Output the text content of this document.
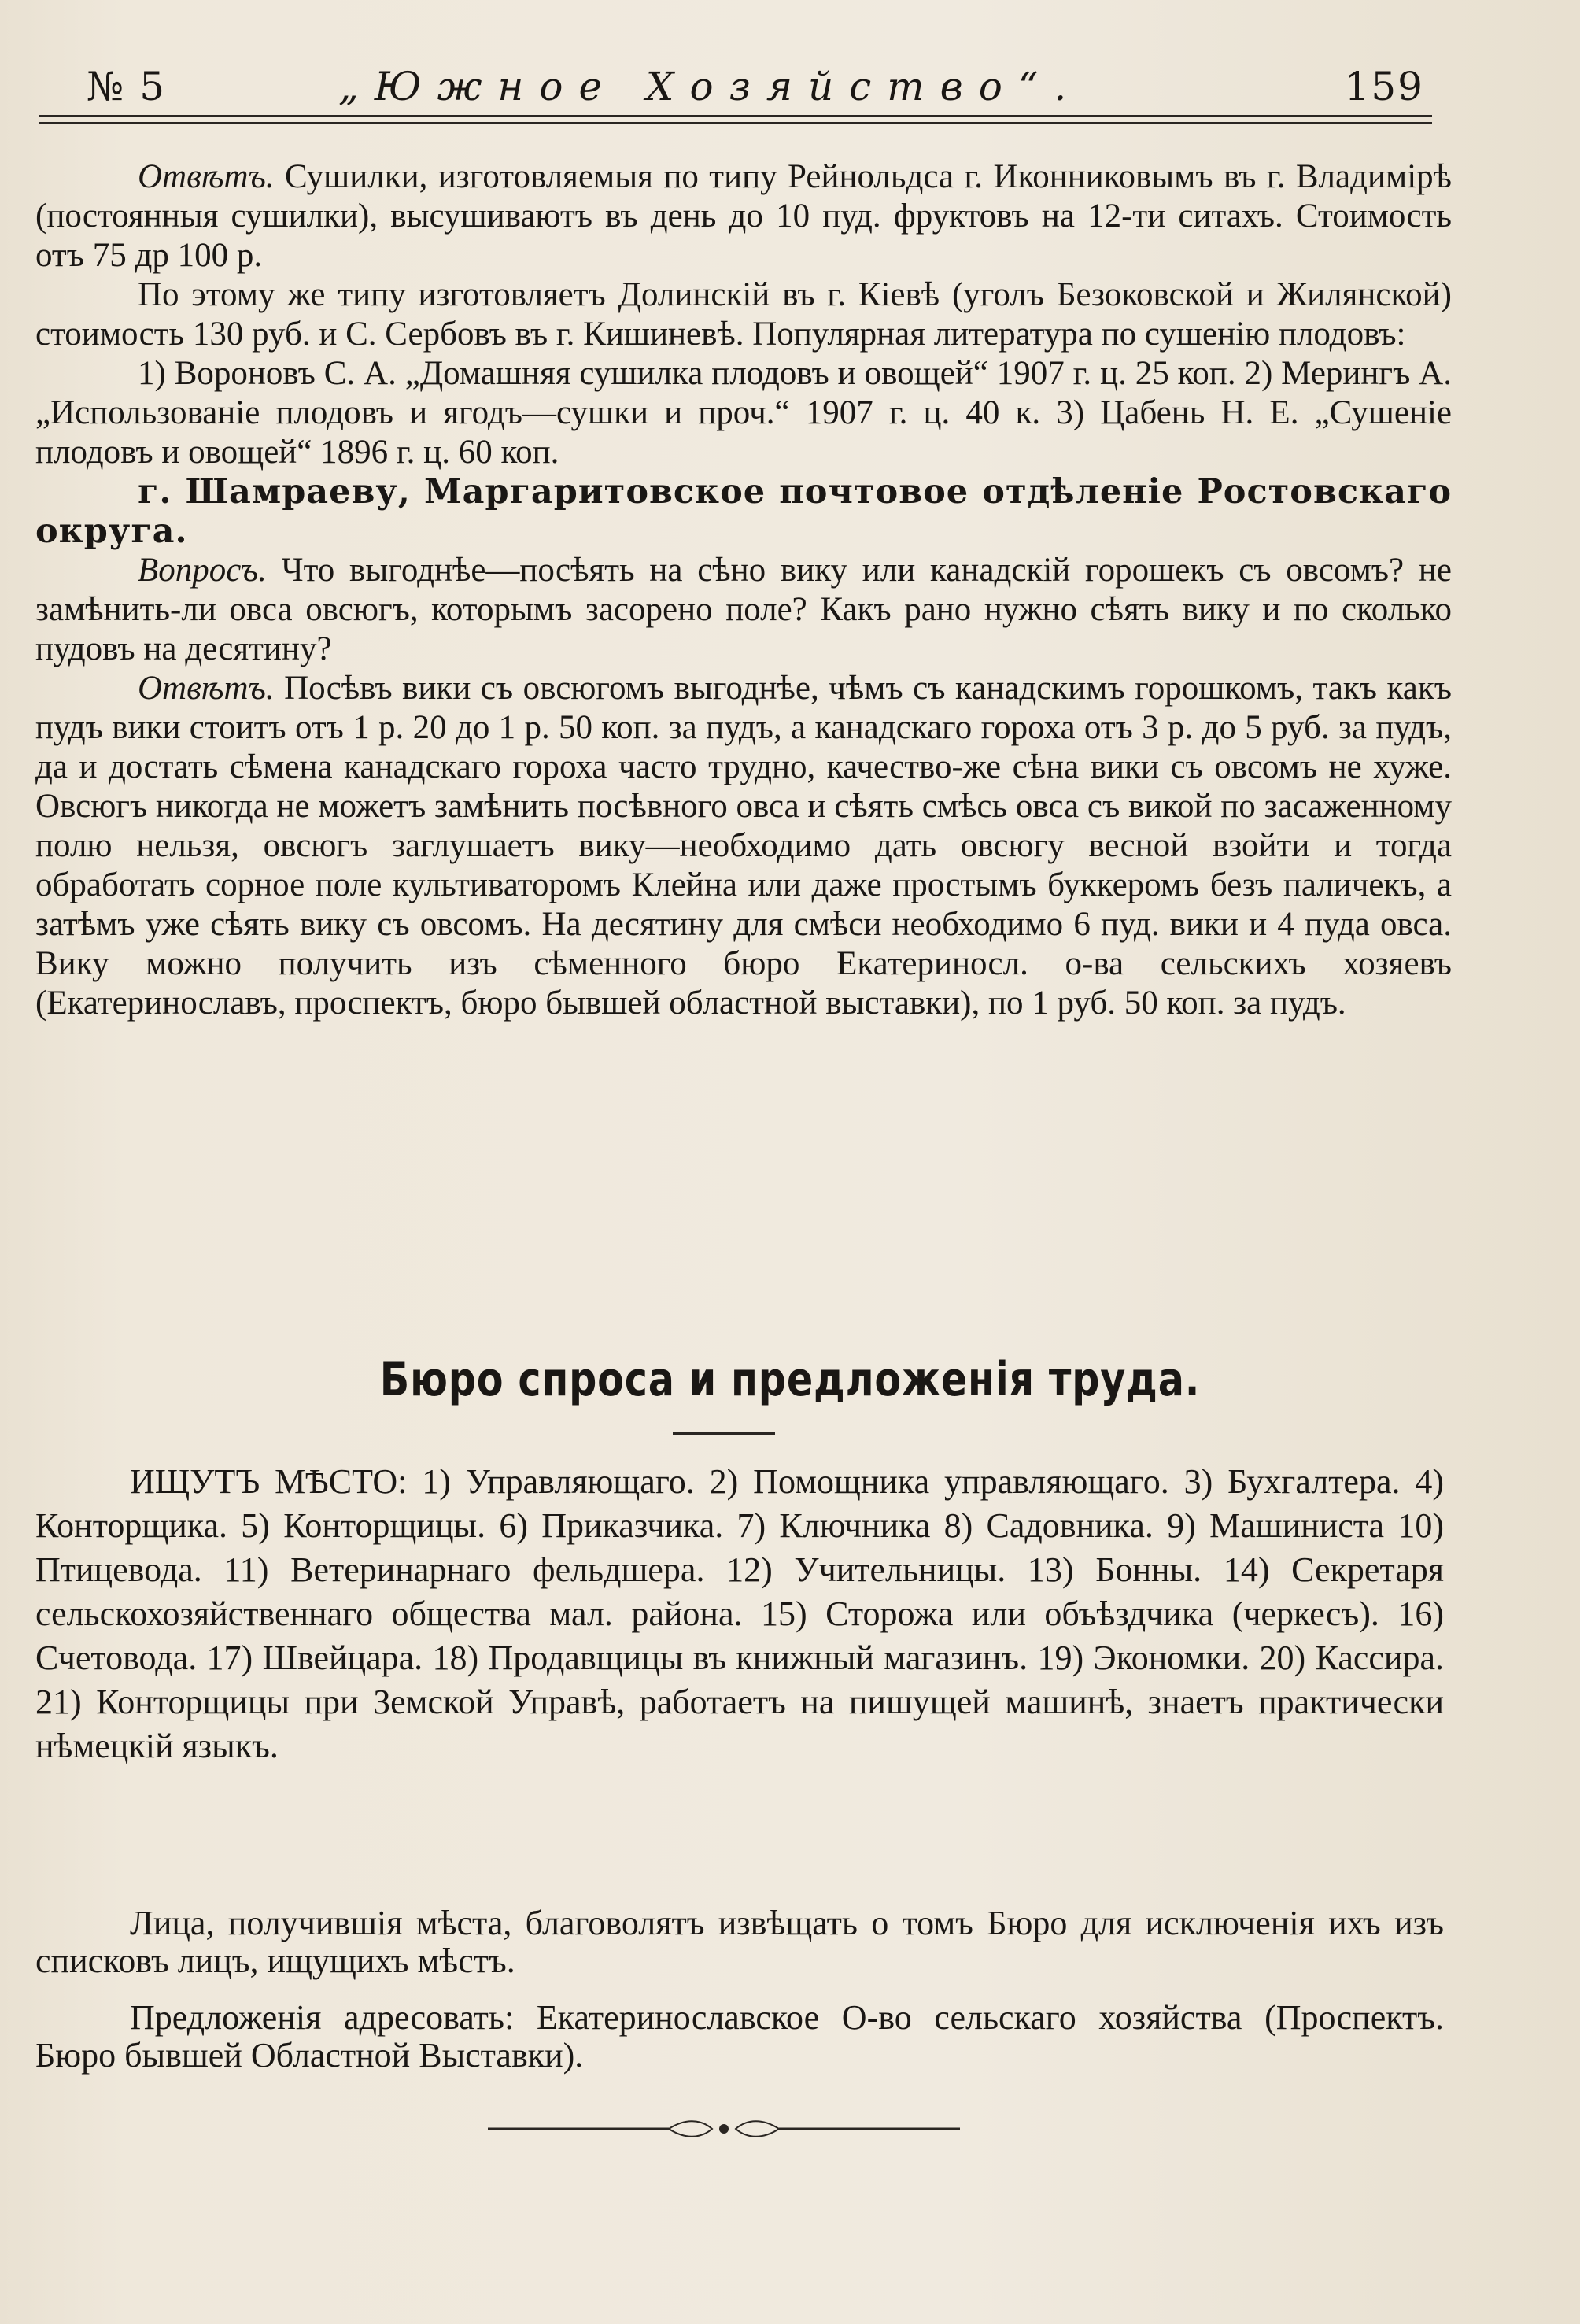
№ 5	„Южное Хозяйство“.	159

Отвѣтъ. Сушилки, изготовляемыя по типу Рейнольдса г. Иконниковымъ въ г. Владимірѣ (постоянныя сушилки), высушиваютъ въ день до 10 пуд. фруктовъ на 12-ти ситахъ. Стоимость отъ 75 др 100 р.

По этому же типу изготовляетъ Долинскій въ г. Кіевѣ (уголъ Безоковской и Жилянской) стоимость 130 руб. и С. Сербовъ въ г. Кишиневѣ. Популярная литература по сушенію плодовъ:

1) Вороновъ С. А. „Домашняя сушилка плодовъ и овощей“ 1907 г. ц. 25 коп. 2) Мерингъ А. „Использованіе плодовъ и ягодъ—сушки и проч.“ 1907 г. ц. 40 к. 3) Цабень Н. Е. „Сушеніе плодовъ и овощей“ 1896 г. ц. 60 коп.

г. Шамраеву, Маргаритовское почтовое отдѣленіе Ростовскаго округа.

Вопросъ. Что выгоднѣе—посѣять на сѣно вику или канадскій горошекъ съ овсомъ? не замѣнить-ли овса овсюгъ, которымъ засорено поле? Какъ рано нужно сѣять вику и по сколько пудовъ на десятину?

Отвѣтъ. Посѣвъ вики съ овсюгомъ выгоднѣе, чѣмъ съ канадскимъ горошкомъ, такъ какъ пудъ вики стоитъ отъ 1 р. 20 до 1 р. 50 коп. за пудъ, а канадскаго гороха отъ 3 р. до 5 руб. за пудъ, да и достать сѣмена канадскаго гороха часто трудно, качество-же сѣна вики съ овсомъ не хуже. Овсюгъ никогда не можетъ замѣнить посѣвного овса и сѣять смѣсь овса съ викой по засаженному полю нельзя, овсюгъ заглушаетъ вику—необходимо дать овсюгу весной взойти и тогда обработать сорное поле культиваторомъ Клейна или даже простымъ буккеромъ безъ паличекъ, а затѣмъ уже сѣять вику съ овсомъ. На десятину для смѣси необходимо 6 пуд. вики и 4 пуда овса. Вику можно получить изъ сѣменного бюро Екатериносл. о-ва сельскихъ хозяевъ (Екатеринославъ, проспектъ, бюро бывшей областной выставки), по 1 руб. 50 коп. за пудъ.

Бюро спроса и предложенія труда.

ИЩУТЪ МѢСТО: 1) Управляющаго. 2) Помощника управляющаго. 3) Бухгалтера. 4) Конторщика. 5) Конторщицы. 6) Приказчика. 7) Ключника 8) Садовника. 9) Машиниста 10) Птицевода. 11) Ветеринарнаго фельдшера. 12) Учительницы. 13) Бонны. 14) Секретаря сельскохозяйственнаго общества мал. района. 15) Сторожа или объѣздчика (черкесъ). 16) Счетовода. 17) Швейцара. 18) Продавщицы въ книжный магазинъ. 19) Экономки. 20) Кассира. 21) Конторщицы при Земской Управѣ, работаетъ на пишущей машинѣ, знаетъ практически нѣмецкій языкъ.

Лица, получившія мѣста, благоволятъ извѣщать о томъ Бюро для исключенія ихъ изъ списковъ лицъ, ищущихъ мѣстъ.

Предложенія адресовать: Екатеринославское О-во сельскаго хозяйства (Проспектъ. Бюро бывшей Областной Выставки).
